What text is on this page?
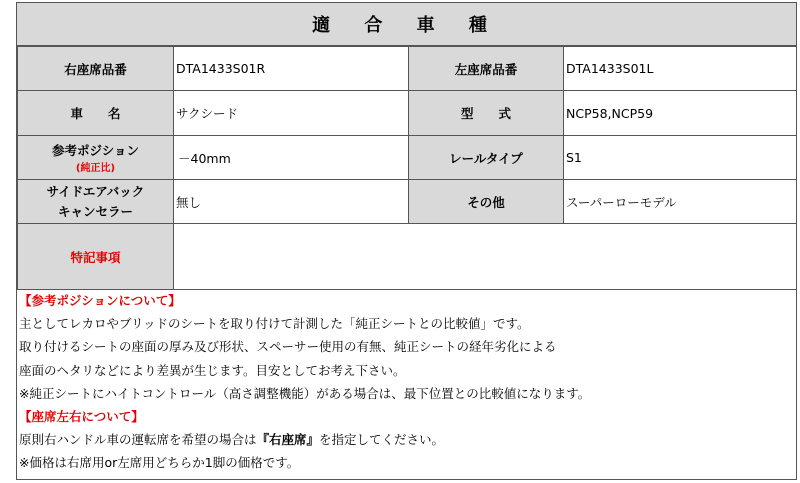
適 合 車 種
右座席品番	DTA1433S01R	左座席品番	DTA1433S01L
車　　名	サクシード	型　　式	NCP58,NCP59

参考ポジション
(純正比)	－40mm	レールタイプ	S1

サイドエアバック
キャンセラー	無し	その他	スーパーローモデル
特記事項			
【参考ポジションについて】
主としてレカロやブリッドのシートを取り付けて計測した「純正シートとの比較値」です。
取り付けるシートの座面の厚み及び形状、スペーサー使用の有無、純正シートの経年劣化による
座面のヘタリなどにより差異が生じます。目安としてお考え下さい。
※純正シートにハイトコントロール（高さ調整機能）がある場合は、最下位置との比較値になります。
【座席左右について】
原則右ハンドル車の運転席を希望の場合は『右座席』を指定してください。
※価格は右席用or左席用どちらか1脚の価格です。
